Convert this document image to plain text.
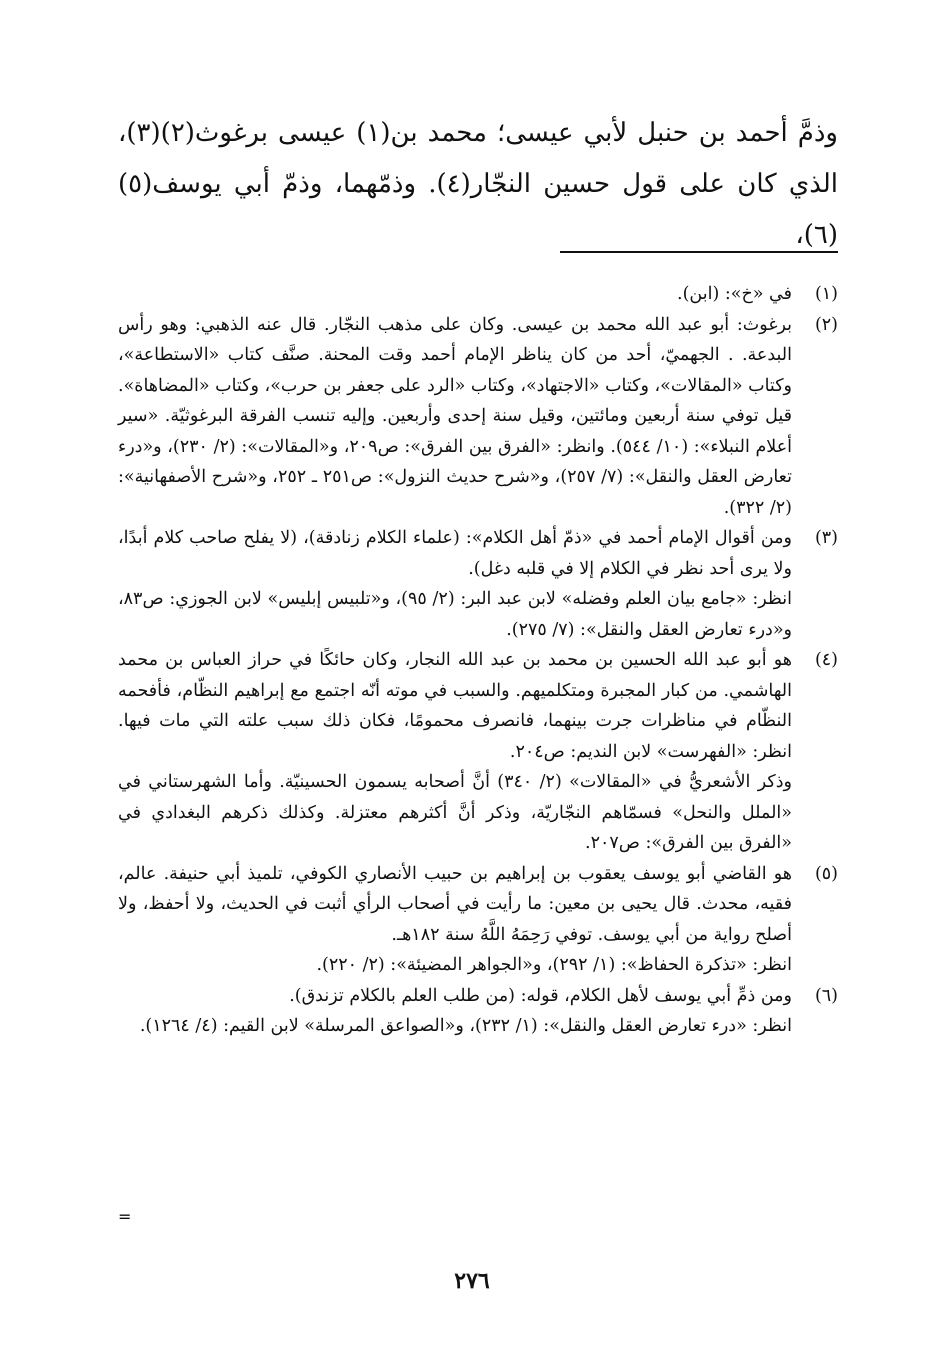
وذمَّ أحمد بن حنبل لأبي عيسى؛ محمد بن(١) عيسى برغوث(٢)(٣)، الذي كان على قول حسين النجّار(٤). وذمّهما، وذمّ أبي يوسف(٥)(٦)،

(١)

في «خ»: (ابن).

(٢)

برغوث: أبو عبد الله محمد بن عيسى. وكان على مذهب النجّار. قال عنه الذهبي: وهو رأس البدعة. . الجهميّ، أحد من كان يناظر الإمام أحمد وقت المحنة. صنَّف كتاب «الاستطاعة»، وكتاب «المقالات»، وكتاب «الاجتهاد»، وكتاب «الرد على جعفر بن حرب»، وكتاب «المضاهاة». قيل توفي سنة أربعين ومائتين، وقيل سنة إحدى وأربعين. وإليه تنسب الفرقة البرغوثيّة. «سير أعلام النبلاء»: (١٠/ ٥٤٤). وانظر: «الفرق بين الفرق»: ص٢٠٩، و«المقالات»: (٢/ ٢٣٠)، و«درء تعارض العقل والنقل»: (٧/ ٢٥٧)، و«شرح حديث النزول»: ص٢٥١ ـ ٢٥٢، و«شرح الأصفهانية»: (٢/ ٣٢٢).

(٣)

ومن أقوال الإمام أحمد في «ذمّ أهل الكلام»: (علماء الكلام زنادقة)، (لا يفلح صاحب كلام أبدًا، ولا يرى أحد نظر في الكلام إلا في قلبه دغل).

انظر: «جامع بيان العلم وفضله» لابن عبد البر: (٢/ ٩٥)، و«تلبيس إبليس» لابن الجوزي: ص٨٣، و«درء تعارض العقل والنقل»: (٧/ ٢٧٥).

(٤)

هو أبو عبد الله الحسين بن محمد بن عبد الله النجار، وكان حائكًا في حراز العباس بن محمد الهاشمي. من كبار المجبرة ومتكلميهم. والسبب في موته أنّه اجتمع مع إبراهيم النظّام، فأفحمه النظّام في مناظرات جرت بينهما، فانصرف محمومًا، فكان ذلك سبب علته التي مات فيها. انظر: «الفهرست» لابن النديم: ص٢٠٤.

وذكر الأشعريُّ في «المقالات» (٢/ ٣٤٠) أنَّ أصحابه يسمون الحسينيّة. وأما الشهرستاني في «الملل والنحل» فسمّاهم النجّاريّة، وذكر أنَّ أكثرهم معتزلة. وكذلك ذكرهم البغدادي في «الفرق بين الفرق»: ص٢٠٧.

(٥)

هو القاضي أبو يوسف يعقوب بن إبراهيم بن حبيب الأنصاري الكوفي، تلميذ أبي حنيفة. عالم، فقيه، محدث. قال يحيى بن معين: ما رأيت في أصحاب الرأي أثبت في الحديث، ولا أحفظ، ولا أصلح رواية من أبي يوسف. توفي رَحِمَهُ اللَّهُ سنة ١٨٢هـ.

انظر: «تذكرة الحفاظ»: (١/ ٢٩٢)، و«الجواهر المضيئة»: (٢/ ٢٢٠).

(٦)

ومن ذمِّ أبي يوسف لأهل الكلام، قوله: (من طلب العلم بالكلام تزندق).

انظر: «درء تعارض العقل والنقل»: (١/ ٢٣٢)، و«الصواعق المرسلة» لابن القيم: (٤/ ١٢٦٤).

=
٢٧٦
